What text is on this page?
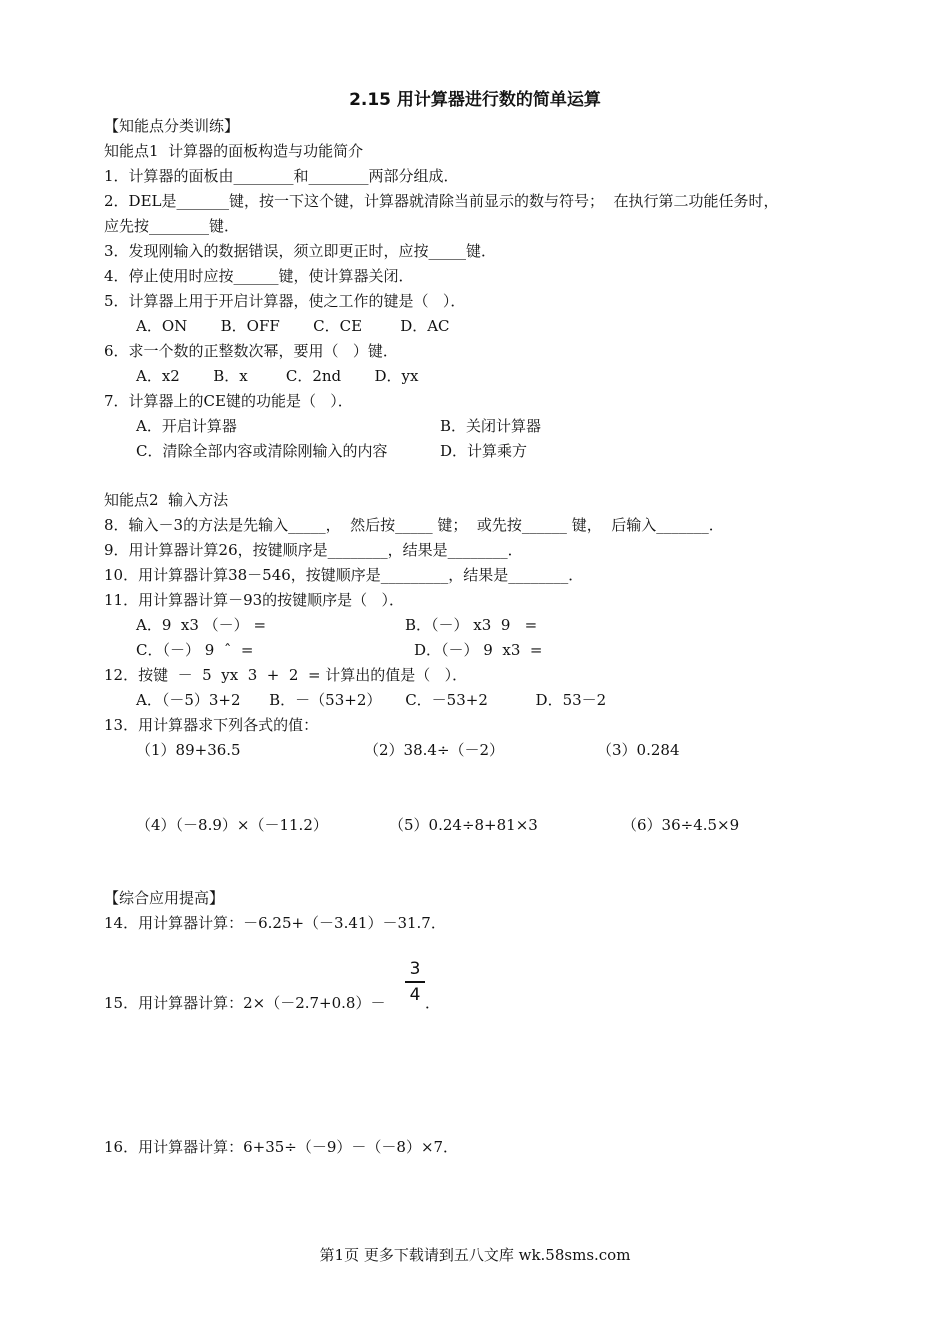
2.15 用计算器进行数的简单运算
【知能点分类训练】
知能点1  计算器的面板构造与功能简介
1．计算器的面板由________和________两部分组成．
2．DEL是_______键，按一下这个键，计算器就清除当前显示的数与符号；  在执行第二功能任务时，
应先按________键．
3．发现刚输入的数据错误，须立即更正时，应按_____键．
4．停止使用时应按______键，使计算器关闭．
5．计算器上用于开启计算器，使之工作的键是（   ）．
A．ON       B．OFF       C．CE        D．AC
6．求一个数的正整数次幂，要用（   ）键．
A．x2       B．x        C．2nd       D．yx
7．计算器上的CE键的功能是（   ）．
A．开启计算器	B．关闭计算器
C．清除全部内容或清除刚输入的内容	D．计算乘方
知能点2  输入方法
8．输入－3的方法是先输入_____，  然后按_____ 键；  或先按______ 键，  后输入_______．
9．用计算器计算26，按键顺序是________，结果是________．
10．用计算器计算38－546，按键顺序是_________，结果是________．
11．用计算器计算－93的按键顺序是（   ）．
A．9  x3 （－） =	B．（－） x3  9   =
C．（－） 9  ˆ  =	D．（－） 9  x3  =
12．按键  －  5  yx  3  +  2  = 计算出的值是（   ）．
A．（－5）3+2      B．－（53+2）     C．－53+2          D．53－2
13．用计算器求下列各式的值：
（1）89+36.5	（2）38.4÷（－2）	（3）0.284
（4）（－8.9）×（－11.2）	（5）0.24÷8+81×3	（6）36÷4.5×9
【综合应用提高】
14．用计算器计算：－6.25+（－3.41）－31.7．
15．用计算器计算：2×（－2.7+0.8）－
3
4 ．
16．用计算器计算：6+35÷（－9）－（－8）×7．
第1页 更多下载请到五八文库 wk.58sms.com
